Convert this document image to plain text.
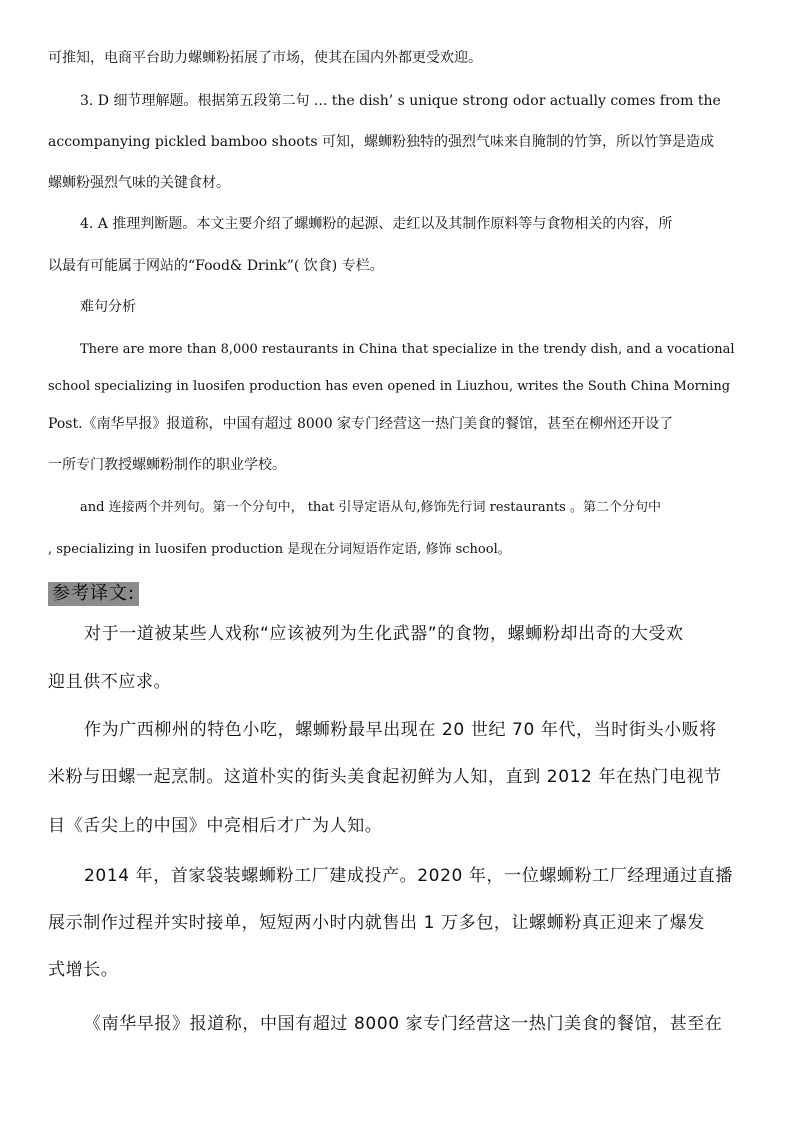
可推知，电商平台助力螺蛳粉拓展了市场，使其在国内外都更受欢迎。
3. D 细节理解题。根据第五段第二句 ... the dish’ s unique strong odor actually comes from the
accompanying pickled bamboo shoots 可知，螺蛳粉独特的强烈气味来自腌制的竹笋，所以竹笋是造成
螺蛳粉强烈气味的关键食材。
4. A 推理判断题。本文主要介绍了螺蛳粉的起源、走红以及其制作原料等与食物相关的内容，所
以最有可能属于网站的“Food& Drink”( 饮食) 专栏。
难句分析
There are more than 8,000 restaurants in China that specialize in the trendy dish, and a vocational
school specializing in luosifen production has even opened in Liuzhou, writes the South China Morning
Post.《南华早报》报道称，中国有超过 8000 家专门经营这一热门美食的餐馆，甚至在柳州还开设了
一所专门教授螺蛳粉制作的职业学校。
and 连接两个并列句。第一个分句中， that 引导定语从句,修饰先行词 restaurants 。第二个分句中
, specializing in luosifen production 是现在分词短语作定语, 修饰 school。
参考译文:
对于一道被某些人戏称“应该被列为生化武器”的食物，螺蛳粉却出奇的大受欢
迎且供不应求。
作为广西柳州的特色小吃，螺蛳粉最早出现在 20 世纪 70 年代，当时街头小贩将
米粉与田螺一起烹制。这道朴实的街头美食起初鲜为人知，直到 2012 年在热门电视节
目《舌尖上的中国》中亮相后才广为人知。
2014 年，首家袋装螺蛳粉工厂建成投产。2020 年，一位螺蛳粉工厂经理通过直播
展示制作过程并实时接单，短短两小时内就售出 1 万多包，让螺蛳粉真正迎来了爆发
式增长。
《南华早报》报道称，中国有超过 8000 家专门经营这一热门美食的餐馆，甚至在
